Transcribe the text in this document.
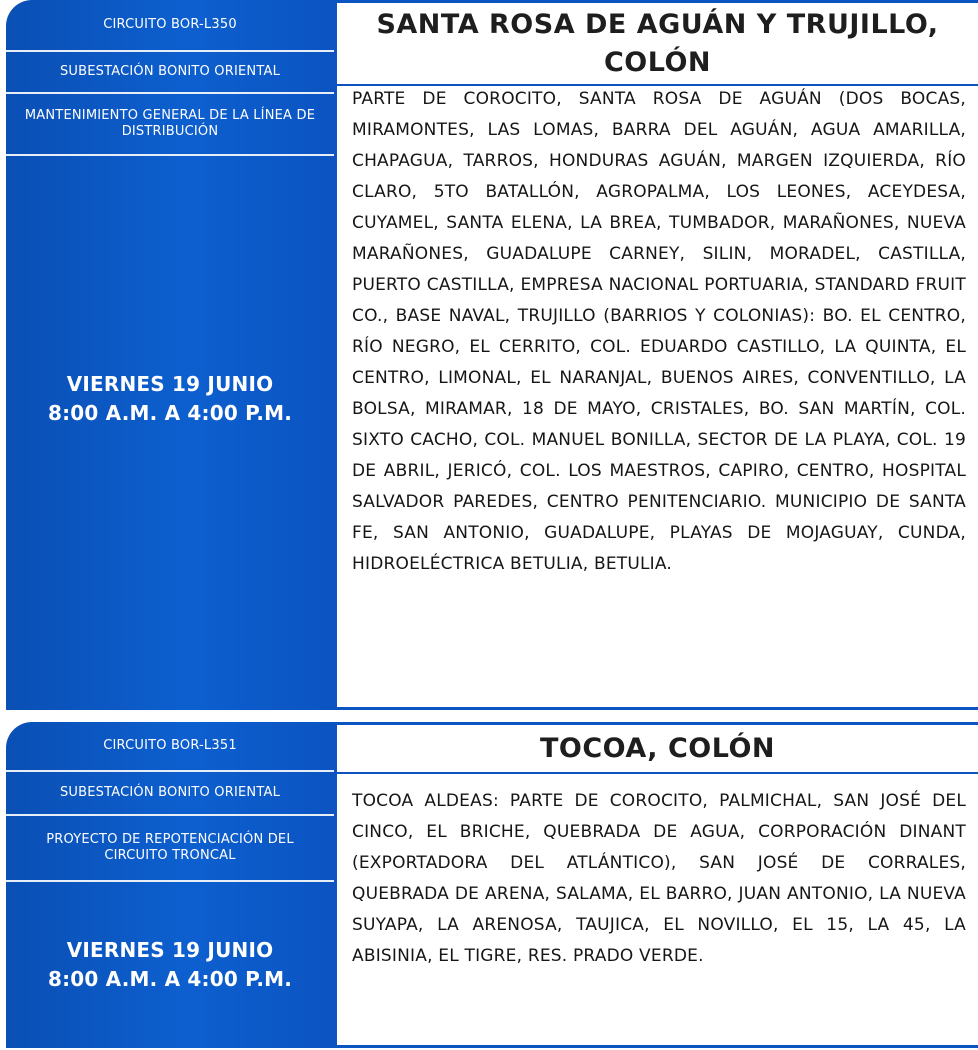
CIRCUITO BOR-L350
SUBESTACIÓN BONITO ORIENTAL
MANTENIMIENTO GENERAL DE LA LÍNEA DE DISTRIBUCIÓN
VIERNES 19 JUNIO
8:00 A.M. A 4:00 P.M.
SANTA ROSA DE AGUÁN Y TRUJILLO, COLÓN
PARTE DE COROCITO, SANTA ROSA DE AGUÁN (DOS BOCAS, MIRAMONTES, LAS LOMAS, BARRA DEL AGUÁN, AGUA AMARILLA, CHAPAGUA, TARROS, HONDURAS AGUÁN, MARGEN IZQUIERDA, RÍO CLARO, 5TO BATALLÓN, AGROPALMA, LOS LEONES, ACEYDESA, CUYAMEL, SANTA ELENA, LA BREA, TUMBADOR, MARAÑONES, NUEVA MARAÑONES, GUADALUPE CARNEY, SILIN, MORADEL, CASTILLA, PUERTO CASTILLA, EMPRESA NACIONAL PORTUARIA, STANDARD FRUIT CO., BASE NAVAL, TRUJILLO (BARRIOS Y COLONIAS): BO. EL CENTRO, RÍO NEGRO, EL CERRITO, COL. EDUARDO CASTILLO, LA QUINTA, EL CENTRO, LIMONAL, EL NARANJAL, BUENOS AIRES, CONVENTILLO, LA BOLSA, MIRAMAR, 18 DE MAYO, CRISTALES, BO. SAN MARTÍN, COL. SIXTO CACHO, COL. MANUEL BONILLA, SECTOR DE LA PLAYA, COL. 19 DE ABRIL, JERICÓ, COL. LOS MAESTROS, CAPIRO, CENTRO, HOSPITAL SALVADOR PAREDES, CENTRO PENITENCIARIO. MUNICIPIO DE SANTA FE, SAN ANTONIO, GUADALUPE, PLAYAS DE MOJAGUAY, CUNDA, HIDROELÉCTRICA BETULIA, BETULIA.
CIRCUITO BOR-L351
SUBESTACIÓN BONITO ORIENTAL
PROYECTO DE REPOTENCIACIÓN DEL CIRCUITO TRONCAL
VIERNES 19 JUNIO
8:00 A.M. A 4:00 P.M.
TOCOA, COLÓN
TOCOA ALDEAS: PARTE DE COROCITO, PALMICHAL, SAN JOSÉ DEL CINCO, EL BRICHE, QUEBRADA DE AGUA, CORPORACIÓN DINANT (EXPORTADORA DEL ATLÁNTICO), SAN JOSÉ DE CORRALES, QUEBRADA DE ARENA, SALAMA, EL BARRO, JUAN ANTONIO, LA NUEVA SUYAPA, LA ARENOSA, TAUJICA, EL NOVILLO, EL 15, LA 45, LA ABISINIA, EL TIGRE, RES. PRADO VERDE.
